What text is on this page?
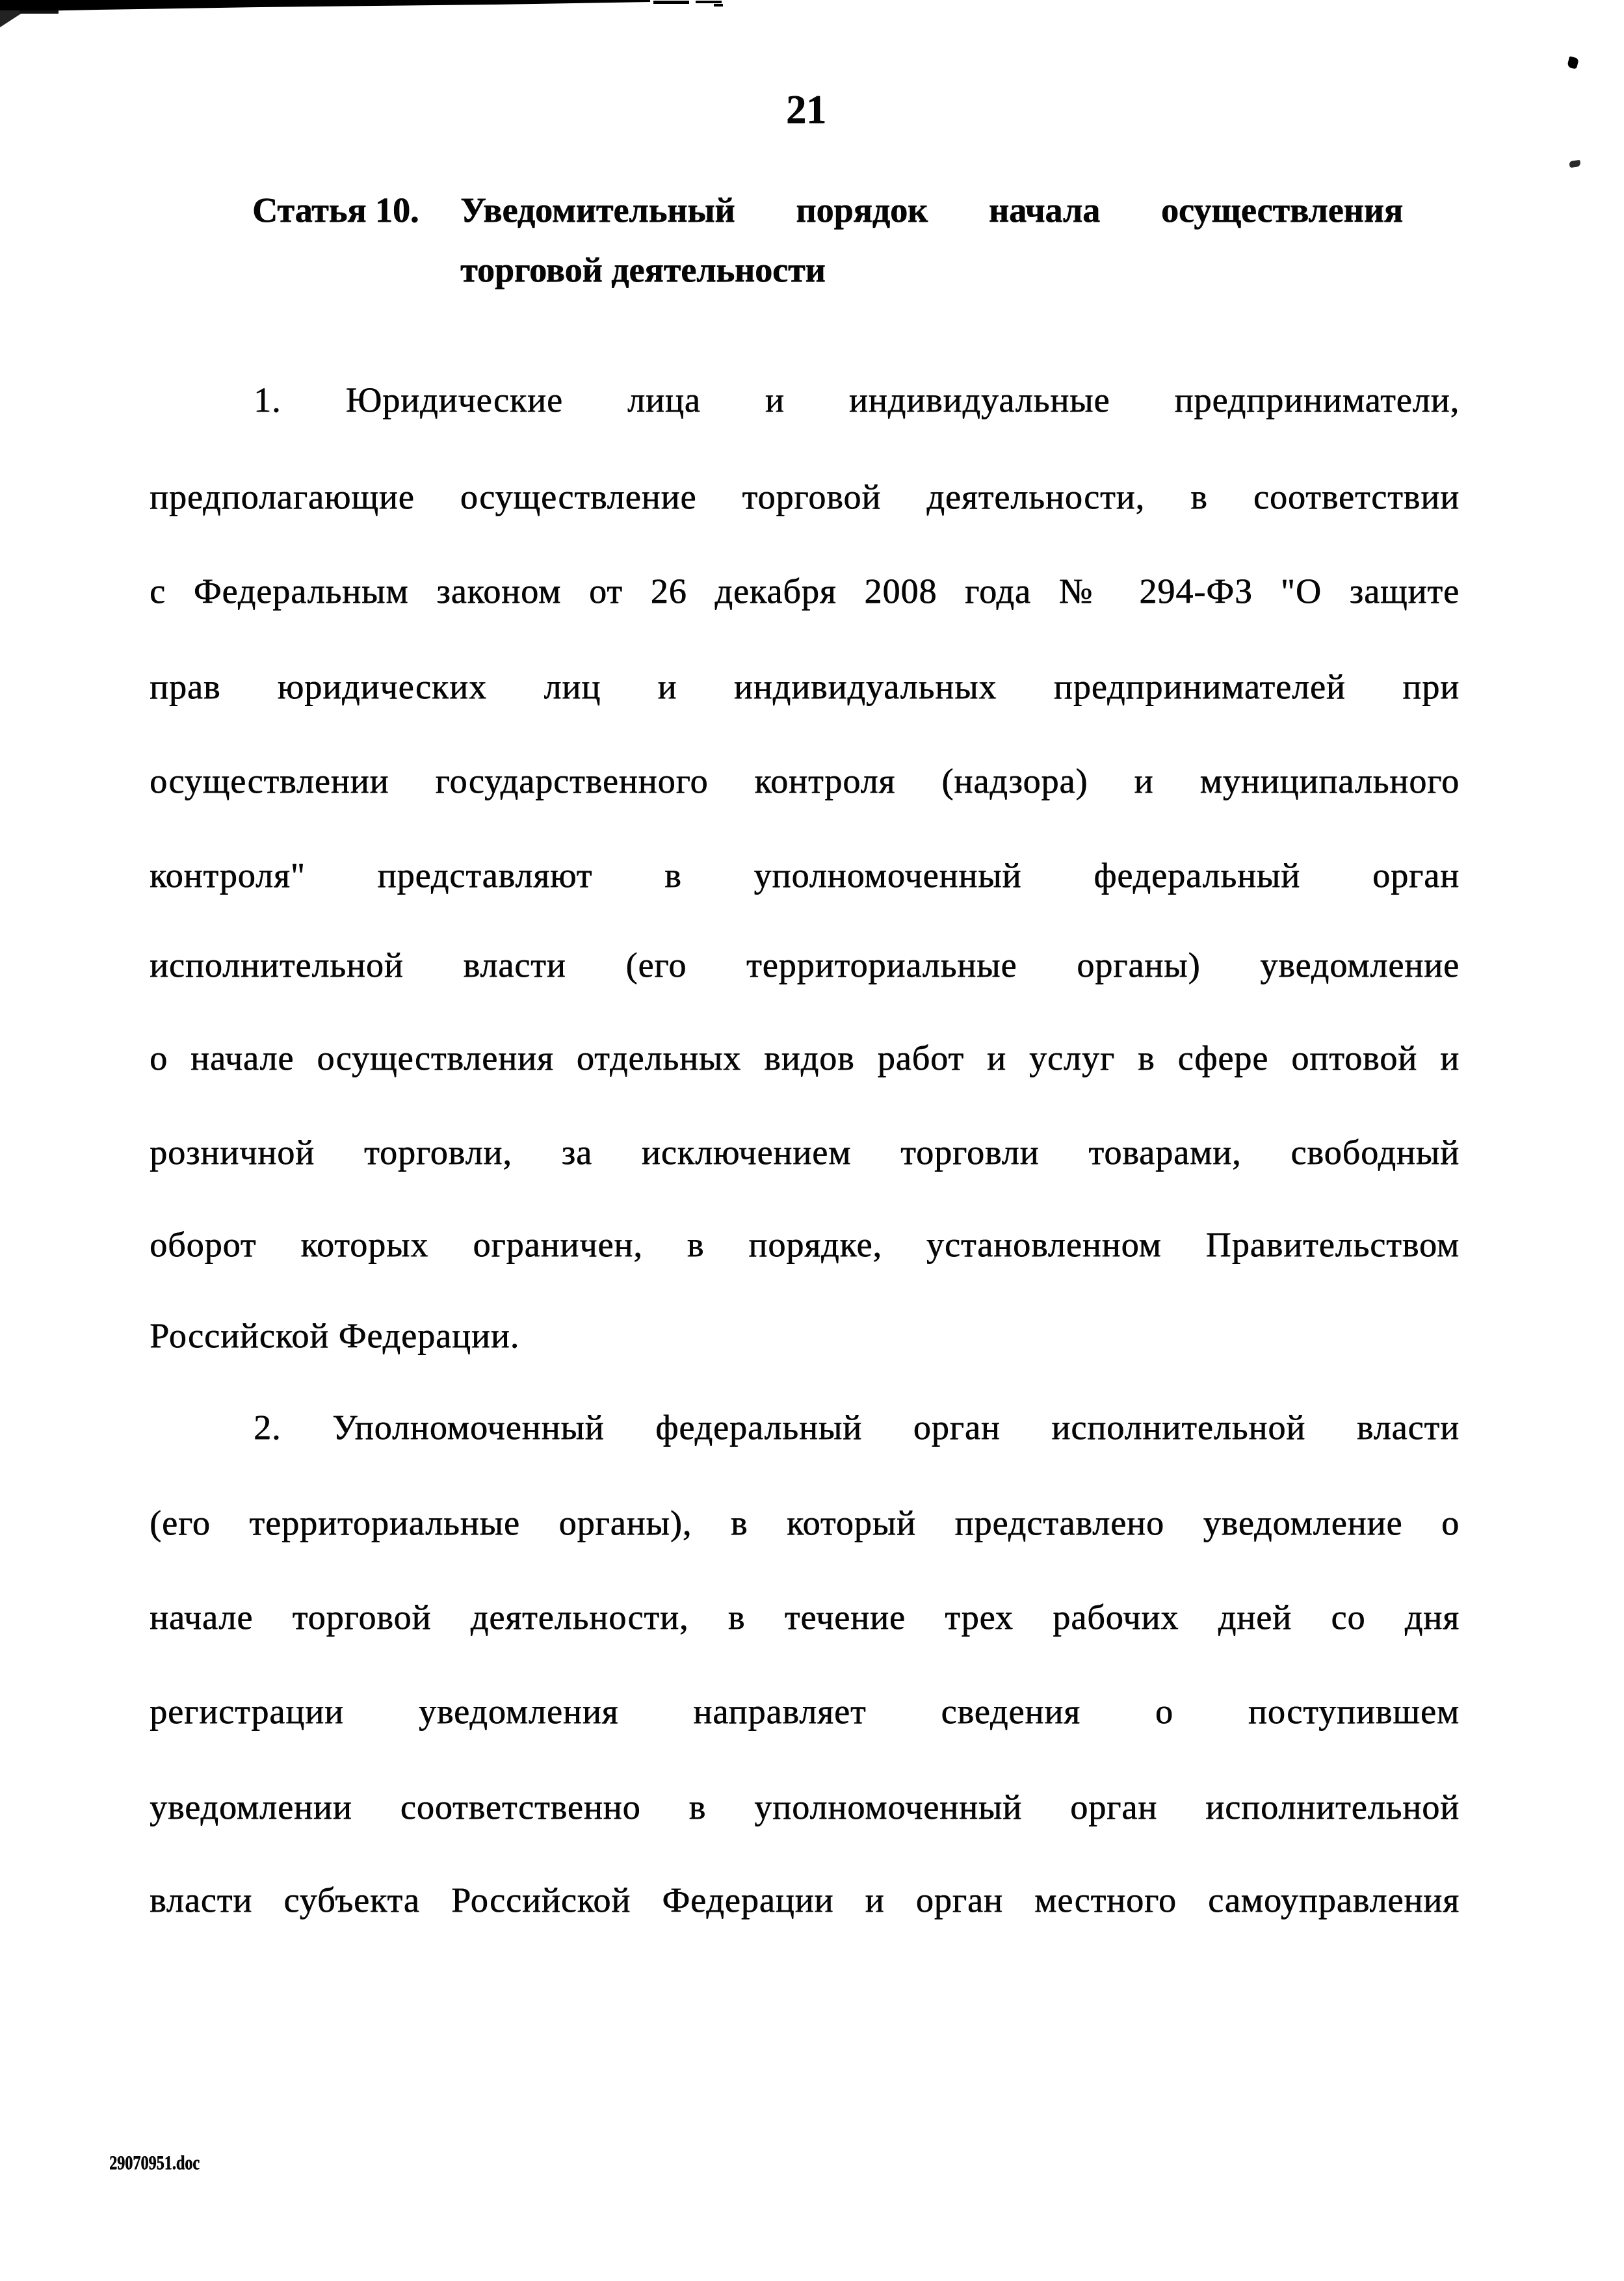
21
Статья 10. Уведомительный порядок начала осуществления
торговой деятельности
1. Юридические лица и индивидуальные предприниматели,
предполагающие осуществление торговой деятельности, в соответствии
с Федеральным законом от 26 декабря 2008 года № 294-ФЗ "О защите
прав юридических лиц и индивидуальных предпринимателей при
осуществлении государственного контроля (надзора) и муниципального
контроля" представляют в уполномоченный федеральный орган
исполнительной власти (его территориальные органы) уведомление
о начале осуществления отдельных видов работ и услуг в сфере оптовой и
розничной торговли, за исключением торговли товарами, свободный
оборот которых ограничен, в порядке, установленном Правительством
Российской Федерации.
2. Уполномоченный федеральный орган исполнительной власти
(его территориальные органы), в который представлено уведомление о
начале торговой деятельности, в течение трех рабочих дней со дня
регистрации уведомления направляет сведения о поступившем
уведомлении соответственно в уполномоченный орган исполнительной
власти субъекта Российской Федерации и орган местного самоуправления
29070951.doc
